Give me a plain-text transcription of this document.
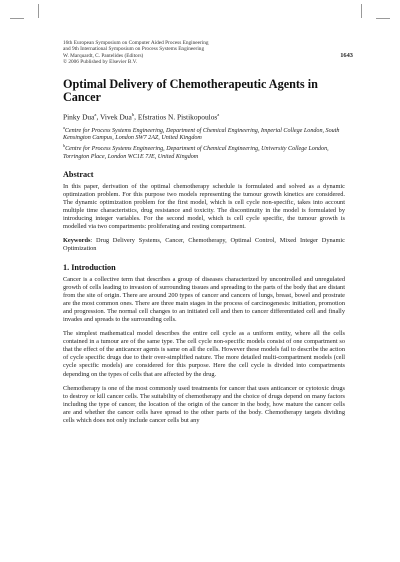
16th European Symposium on Computer Aided Process Engineering
and 9th International Symposium on Process Systems Engineering
W. Marquardt, C. Pantelides (Editors)
© 2006 Published by Elsevier B.V.
1643
Optimal Delivery of Chemotherapeutic Agents in Cancer
Pinky Dua$^a$, Vivek Dua$^b$, Efstratios N. Pistikopoulos$^a$

$^a$Centre for Process Systems Engineering, Department of Chemical Engineering, Imperial College London, South Kensington Campus, London SW7 2AZ, United Kingdom

$^b$Centre for Process Systems Engineering, Department of Chemical Engineering, University College London, Torrington Place, London WC1E 7JE, United Kingdom

Abstract

In this paper, derivation of the optimal chemotherapy schedule is formulated and solved as a dynamic optimization problem. For this purpose two models representing the tumour growth kinetics are considered. The dynamic optimization problem for the first model, which is cell cycle non-specific, takes into account multiple time characteristics, drug resistance and toxicity. The discontinuity in the model is formulated by introducing integer variables. For the second model, which is cell cycle specific, the tumour growth is modelled via two compartments: proliferating and resting compartment.

Keywords: Drug Delivery Systems, Cancer, Chemotherapy, Optimal Control, Mixed Integer Dynamic Optimization

1. Introduction

Cancer is a collective term that describes a group of diseases characterized by uncontrolled and unregulated growth of cells leading to invasion of surrounding tissues and spreading to the parts of the body that are distant from the site of origin. There are around 200 types of cancer and cancers of lungs, breast, bowel and prostrate are the most common ones. There are three main stages in the process of carcinogenesis: initiation, promotion and progression. The normal cell changes to an initiated cell and then to cancer differentiated cell and finally invades and spreads to the surrounding cells.

The simplest mathematical model describes the entire cell cycle as a uniform entity, where all the cells contained in a tumour are of the same type. The cell cycle non-specific models consist of one compartment so that the effect of the anticancer agents is same on all the cells. However these models fail to describe the action of cycle specific drugs due to their over-simplified nature. The more detailed multi-compartment models (cell cycle specific models) are considered for this purpose. Here the cell cycle is divided into compartments depending on the types of cells that are affected by the drug.

Chemotherapy is one of the most commonly used treatments for cancer that uses anticancer or cytotoxic drugs to destroy or kill cancer cells. The suitability of chemotherapy and the choice of drugs depend on many factors including the type of cancer, the location of the origin of the cancer in the body, how mature the cancer cells are and whether the cancer cells have spread to the other parts of the body. Chemotherapy targets dividing cells which does not only include cancer cells but any
